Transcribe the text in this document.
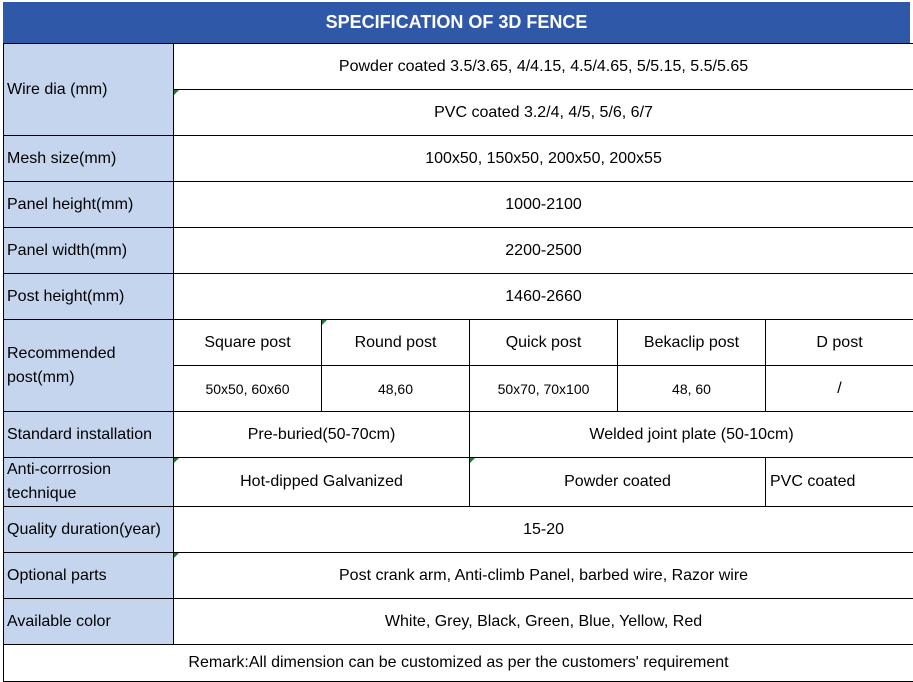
SPECIFICATION OF 3D FENCE
Wire dia (mm)	Powder coated 3.5/3.65, 4/4.15, 4.5/4.65, 5/5.15, 5.5/5.65				
	PVC coated 3.2/4, 4/5, 5/6, 6/7				
Mesh size(mm)	100x50, 150x50, 200x50, 200x55				
Panel height(mm)	1000-2100				
Panel width(mm)	2200-2500				
Post height(mm)	1460-2660				
Recommended post(mm)	Square post	Round post	Quick post	Bekaclip post	D post
	50x50, 60x60	48,60	50x70, 70x100	48, 60	/
Standard installation	Pre-buried(50-70cm)		Welded joint plate (50-10cm)		
Anti-corrrosion technique	Hot-dipped Galvanized		Powder coated		PVC coated
Quality duration(year)	15-20				
Optional parts	Post crank arm, Anti-climb Panel, barbed wire, Razor wire				
Available color	White, Grey, Black, Green, Blue, Yellow, Red				
Remark:All dimension can be customized as per the customers' requirement					
